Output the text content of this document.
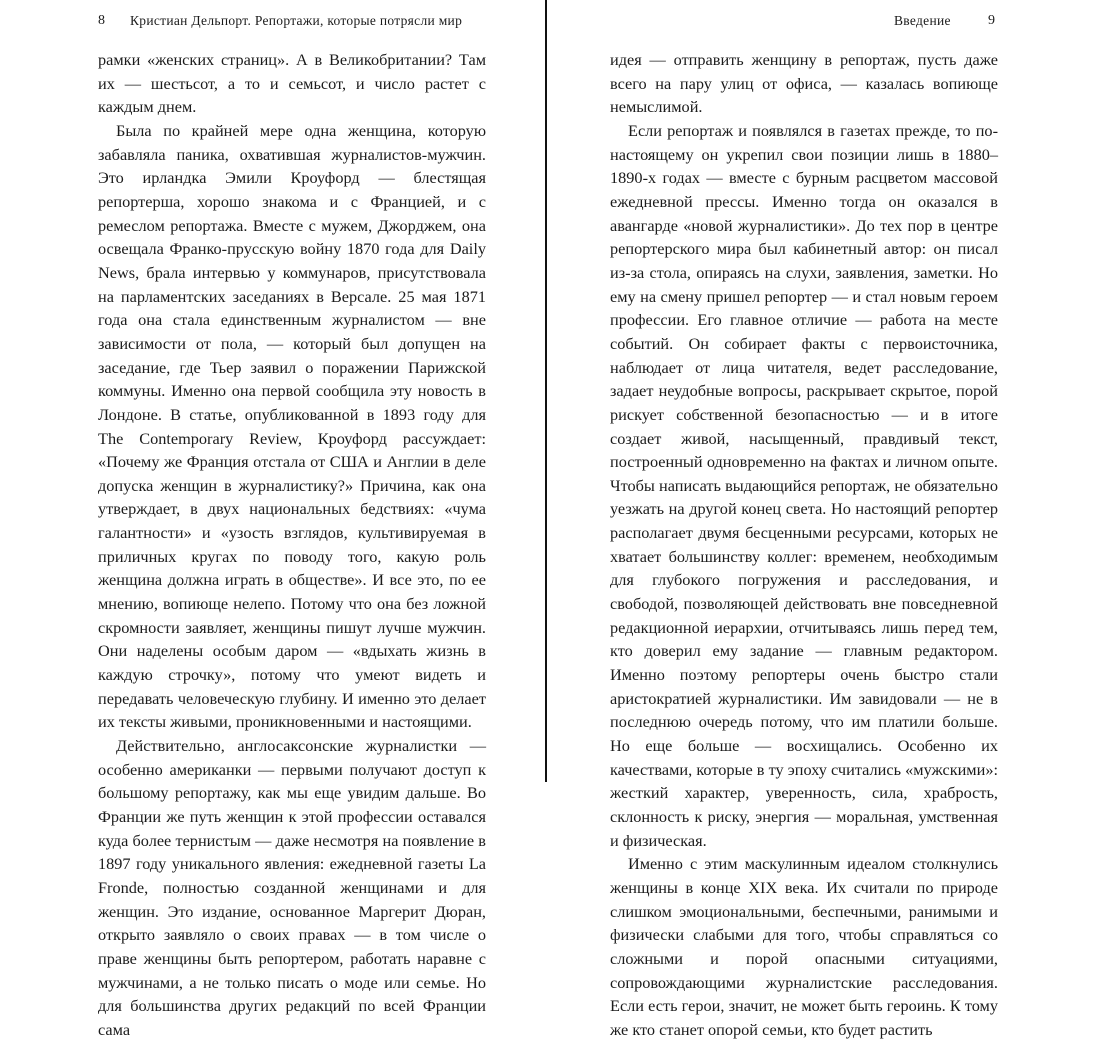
8 Кристиан Дельпорт. Репортажи, которые потрясли мир

рамки «женских страниц». А в Великобритании? Там их — шестьсот, а то и семьсот, и число растет с каждым днем.

Была по крайней мере одна женщина, которую забавляла паника, охватившая журналистов-мужчин. Это ирландка Эмили Кроуфорд — блестящая репортерша, хорошо знакома и с Францией, и с ремеслом репортажа. Вместе с мужем, Джорджем, она освещала Франко-прусскую войну 1870 года для Daily News, брала интервью у коммунаров, присутствовала на парламентских заседаниях в Версале. 25 мая 1871 года она стала единственным журналистом — вне зависимости от пола, — который был допущен на заседание, где Тьер заявил о поражении Парижской коммуны. Именно она первой сообщила эту новость в Лондоне. В статье, опубликованной в 1893 году для The Contemporary Review, Кроуфорд рассуждает: «Почему же Франция отстала от США и Англии в деле допуска женщин в журналистику?» Причина, как она утверждает, в двух национальных бедствиях: «чума галантности» и «узость взглядов, культивируемая в приличных кругах по поводу того, какую роль женщина должна играть в обществе». И все это, по ее мнению, вопиюще нелепо. Потому что она без ложной скромности заявляет, женщины пишут лучше мужчин. Они наделены особым даром — «вдыхать жизнь в каждую строчку», потому что умеют видеть и передавать человеческую глубину. И именно это делает их тексты живыми, проникновенными и настоящими.

Действительно, англосаксонские журналистки — особенно американки — первыми получают доступ к большому репортажу, как мы еще увидим дальше. Во Франции же путь женщин к этой профессии оставался куда более тернистым — даже несмотря на появление в 1897 году уникального явления: ежедневной газеты La Fronde, полностью созданной женщинами и для женщин. Это издание, основанное Маргерит Дюран, открыто заявляло о своих правах — в том числе о праве женщины быть репортером, работать наравне с мужчинами, а не только писать о моде или семье. Но для большинства других редакций по всей Франции сама

Введение	9

идея — отправить женщину в репортаж, пусть даже всего на пару улиц от офиса, — казалась вопиюще немыслимой.

Если репортаж и появлялся в газетах прежде, то по-настоящему он укрепил свои позиции лишь в 1880–1890-х годах — вместе с бурным расцветом массовой ежедневной прессы. Именно тогда он оказался в авангарде «новой журналистики». До тех пор в центре репортерского мира был кабинетный автор: он писал из-за стола, опираясь на слухи, заявления, заметки. Но ему на смену пришел репортер — и стал новым героем профессии. Его главное отличие — работа на месте событий. Он собирает факты с первоисточника, наблюдает от лица читателя, ведет расследование, задает неудобные вопросы, раскрывает скрытое, порой рискует собственной безопасностью — и в итоге создает живой, насыщенный, правдивый текст, построенный одновременно на фактах и личном опыте. Чтобы написать выдающийся репортаж, не обязательно уезжать на другой конец света. Но настоящий репортер располагает двумя бесценными ресурсами, которых не хватает большинству коллег: временем, необходимым для глубокого погружения и расследования, и свободой, позволяющей действовать вне повседневной редакционной иерархии, отчитываясь лишь перед тем, кто доверил ему задание — главным редактором. Именно поэтому репортеры очень быстро стали аристократией журналистики. Им завидовали — не в последнюю очередь потому, что им платили больше. Но еще больше — восхищались. Особенно их качествами, которые в ту эпоху считались «мужскими»: жесткий характер, уверенность, сила, храбрость, склонность к риску, энергия — моральная, умственная и физическая.

Именно с этим маскулинным идеалом столкнулись женщины в конце XIX века. Их считали по природе слишком эмоциональными, беспечными, ранимыми и физически слабыми для того, чтобы справляться со сложными и порой опасными ситуациями, сопровождающими журналистские расследования. Если есть герои, значит, не может быть героинь. К тому же кто станет опорой семьи, кто будет растить
